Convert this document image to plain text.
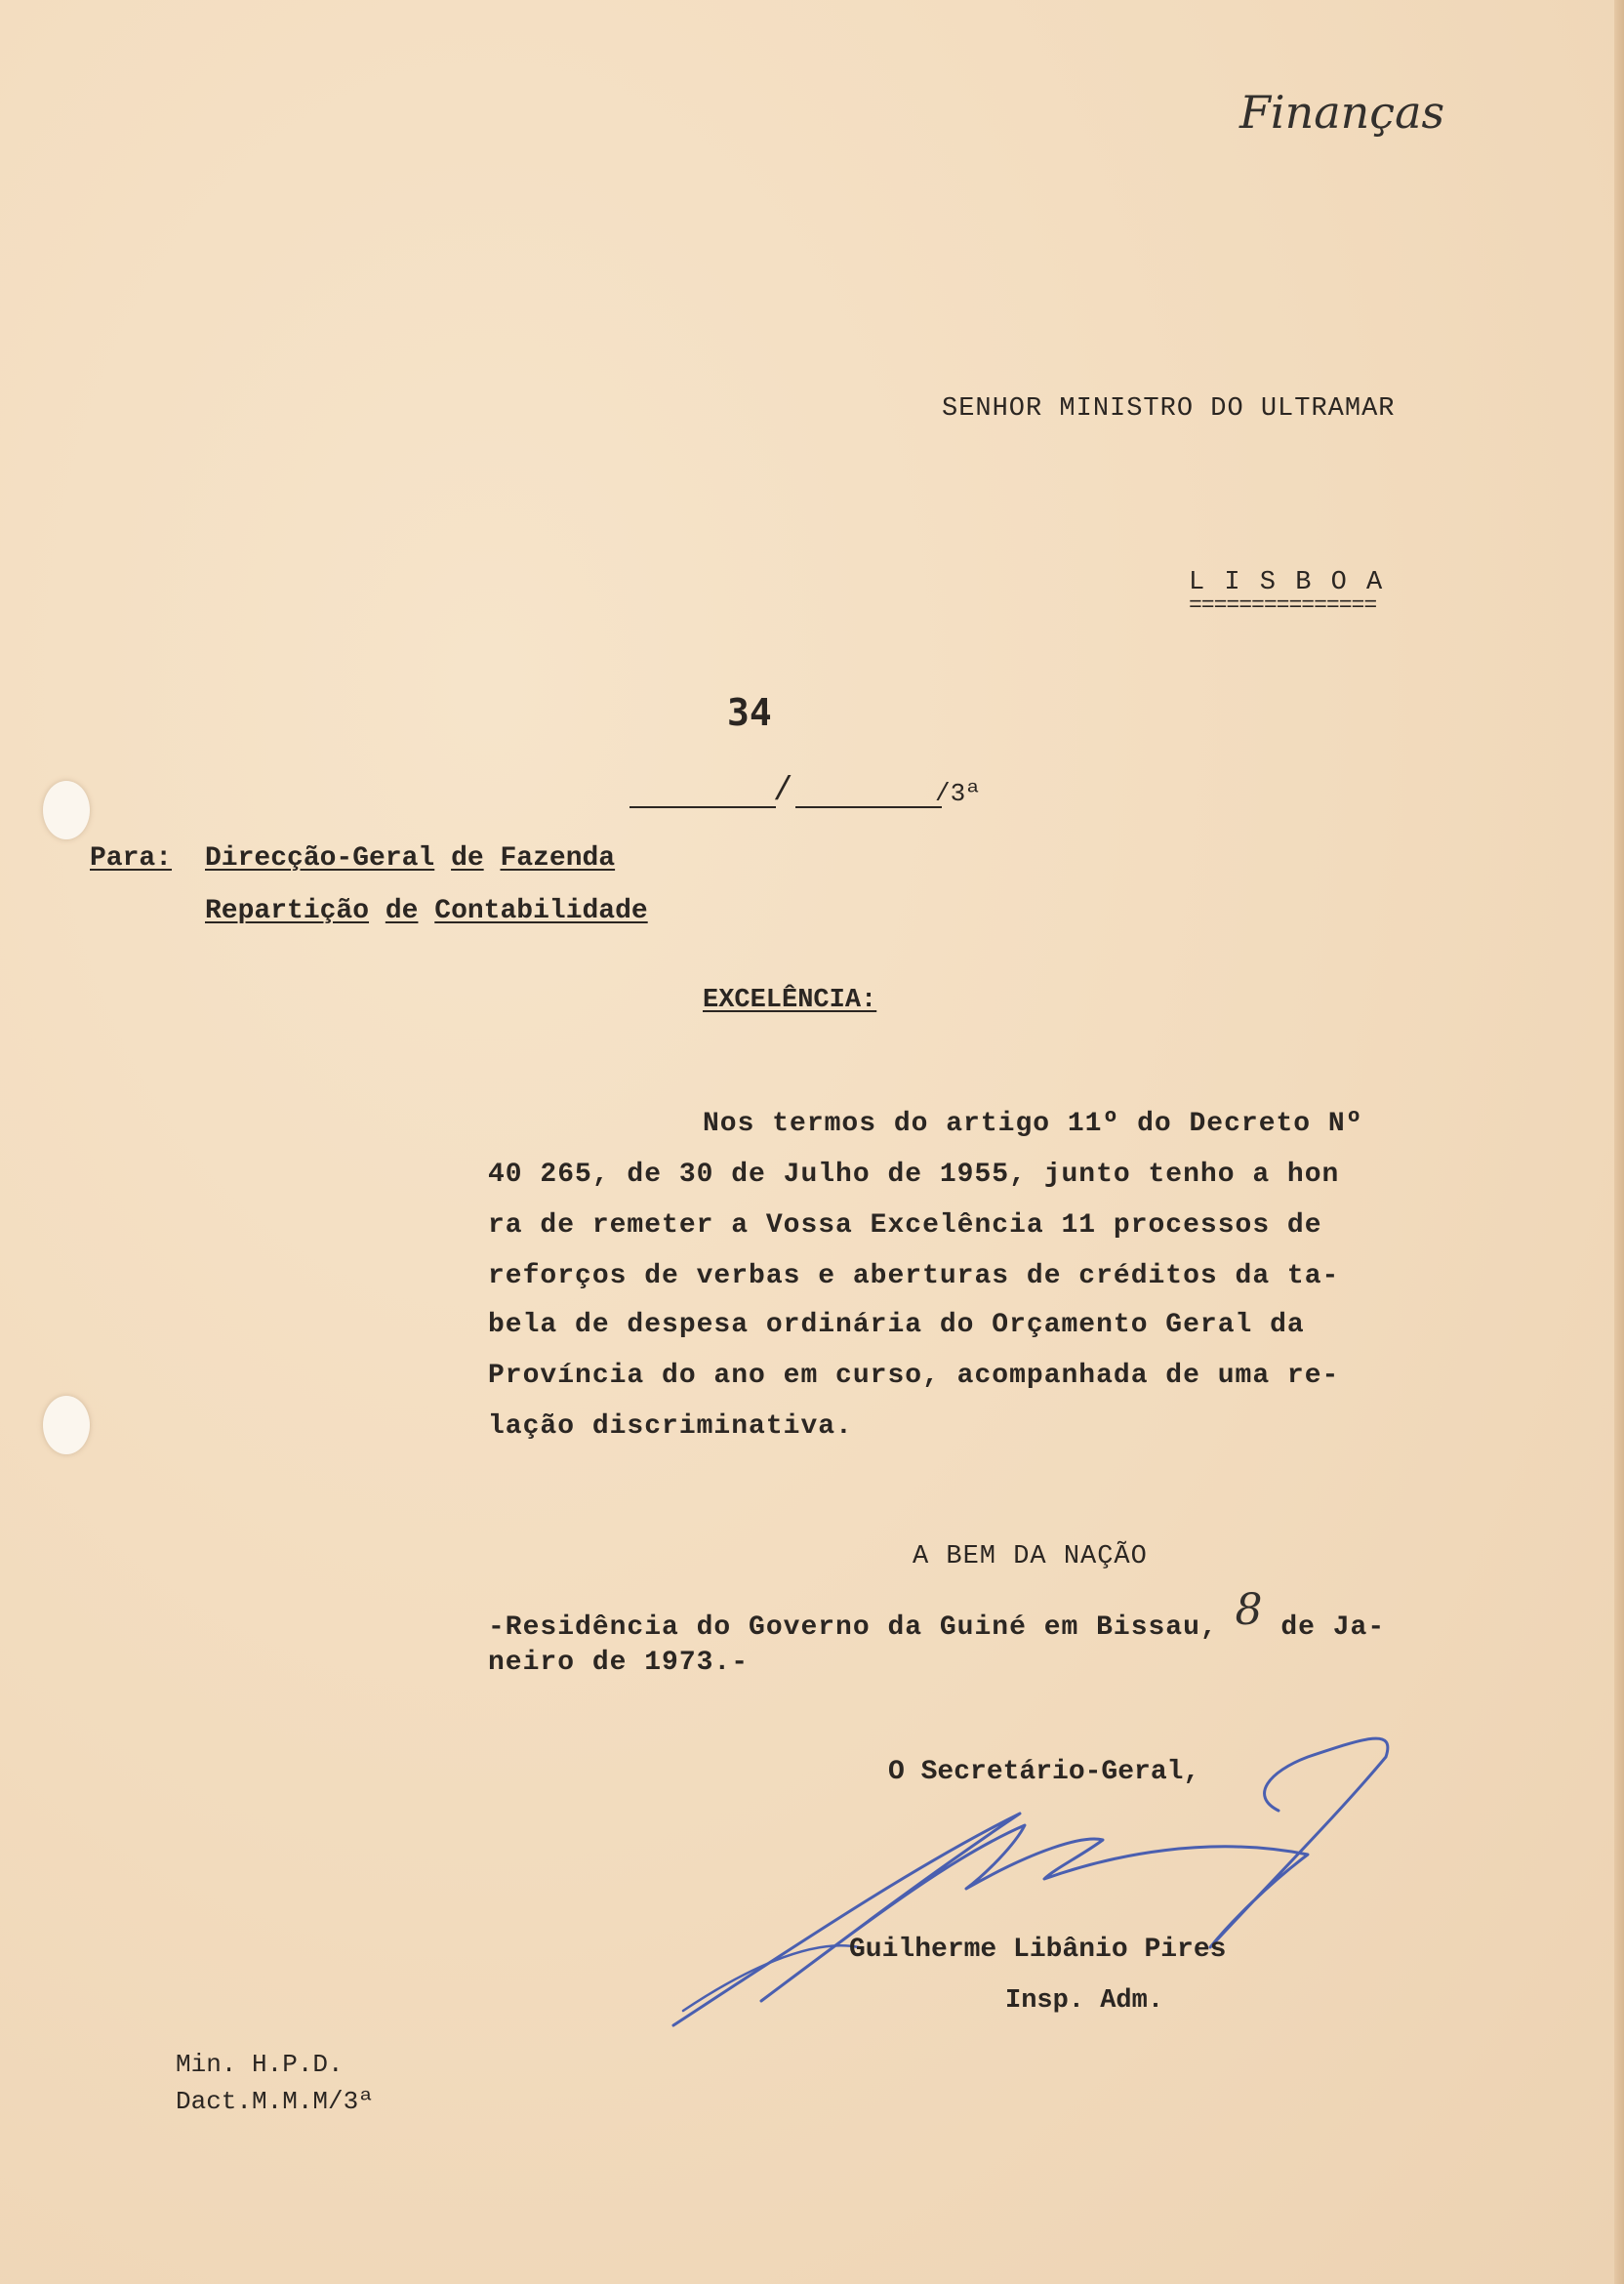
Finanças
SENHOR MINISTRO DO ULTRAMAR
L I S B O A
===============
34
/	/3ª
Para: Direcção-Geral de Fazenda
Repartição de Contabilidade
EXCELÊNCIA:
Nos termos do artigo 11º do Decreto Nº
40 265, de 30 de Julho de 1955, junto tenho a hon
ra de remeter a Vossa Excelência 11 processos de
reforços de verbas e aberturas de créditos da ta-
bela de despesa ordinária do Orçamento Geral da
Província do ano em curso, acompanhada de uma re-
lação discriminativa.
A BEM DA NAÇÃO
-Residência do Governo da Guiné em Bissau, 8 de Ja-
neiro de 1973.-
O Secretário-Geral,
Guilherme Libânio Pires
Insp. Adm.
Min. H.P.D.
Dact.M.M.M/3ª
